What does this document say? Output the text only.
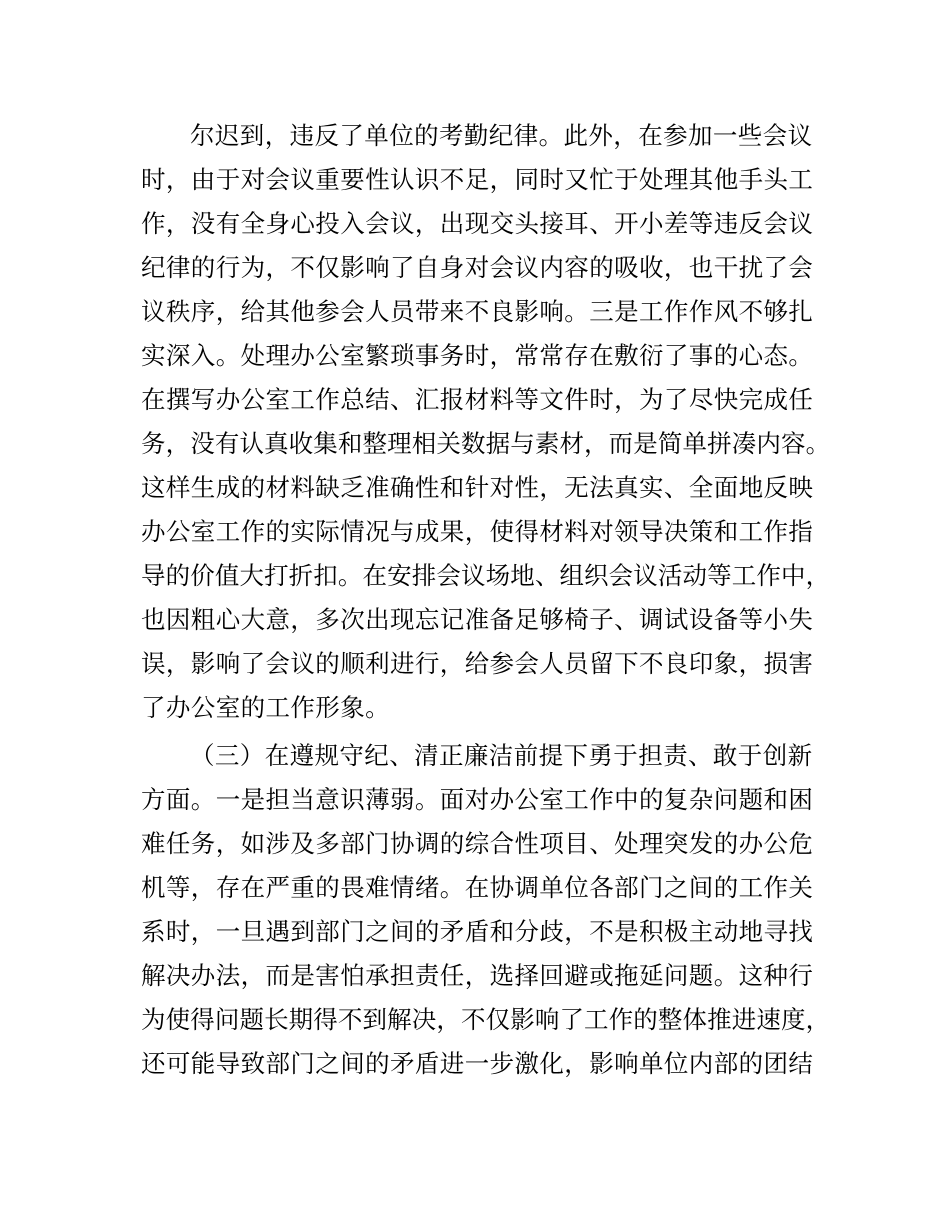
尔迟到，违反了单位的考勤纪律。此外，在参加一些会议
时，由于对会议重要性认识不足，同时又忙于处理其他手头工
作，没有全身心投入会议，出现交头接耳、开小差等违反会议
纪律的行为，不仅影响了自身对会议内容的吸收，也干扰了会
议秩序，给其他参会人员带来不良影响。三是工作作风不够扎
实深入。处理办公室繁琐事务时，常常存在敷衍了事的心态。
在撰写办公室工作总结、汇报材料等文件时，为了尽快完成任
务，没有认真收集和整理相关数据与素材，而是简单拼凑内容。
这样生成的材料缺乏准确性和针对性，无法真实、全面地反映
办公室工作的实际情况与成果，使得材料对领导决策和工作指
导的价值大打折扣。在安排会议场地、组织会议活动等工作中，
也因粗心大意，多次出现忘记准备足够椅子、调试设备等小失
误，影响了会议的顺利进行，给参会人员留下不良印象，损害
了办公室的工作形象。
（三）在遵规守纪、清正廉洁前提下勇于担责、敢于创新
方面。一是担当意识薄弱。面对办公室工作中的复杂问题和困
难任务，如涉及多部门协调的综合性项目、处理突发的办公危
机等，存在严重的畏难情绪。在协调单位各部门之间的工作关
系时，一旦遇到部门之间的矛盾和分歧，不是积极主动地寻找
解决办法，而是害怕承担责任，选择回避或拖延问题。这种行
为使得问题长期得不到解决，不仅影响了工作的整体推进速度，
还可能导致部门之间的矛盾进一步激化，影响单位内部的团结
